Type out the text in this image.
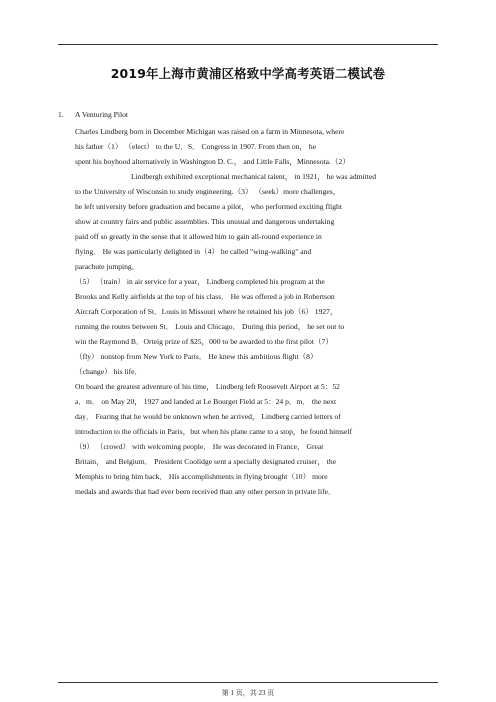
2019年上海市黄浦区格致中学高考英语二模试卷
1. A Venturing Pilot
Charles Lindberg born in December Michigan was raised on a farm in Minnesota, where
his father（1） （elect） to the U．S． Congress in 1907. From then on， he
spent his boyhood alternatively in Washington D. C.， and Little Falls，Minnesota.（2）
Lindbergh exhibited exceptional mechanical talent， in 1921， he was admitted
to the University of Wisconsin to study engineering.（3） （seek）more challenges，
he left university before graduation and became a pilot， who performed exciting flight
show at country fairs and public assemblies. This unusual and dangerous undertaking
paid off so greatly in the sense that it allowed him to gain all-round experience in
flying． He was particularly delighted in（4） he called "wing-walking" and
parachute jumping．
（5） （train） in air service for a year， Lindberg completed his program at the
Brooks and Kelly airfields at the top of his class． He was offered a job in Robertson
Aircraft Corporation of St．Louis in Missouri where he retained his job（6） 1927，
running the routes between St． Louis and Chicago． During this period， he set out to
win the Raymond B．Orteig prize of $25，000 to be awarded to the first pilot（7）
（fly） nonstop from New York to Paris． He knew this ambitious flight（8）
（change） his life．
On board the greatest adventure of his time， Lindberg left Roosevelt Airport at 5：52
a．m． on May 20， 1927 and landed at Le Bourget Field at 5：24 p．m． the next
day． Fearing that he would be unknown when he arrived， Lindberg carried letters of
introduction to the officials in Paris，but when his plane came to a stop，he found himself
（9） （crowd） with welcoming people． He was decorated in France， Great
Britain， and Belgium． President Coolidge sent a specially designated cruiser， the
Memphis to bring him back． His accomplishments in flying brought（10） more
medals and awards that had ever been received than any other person in private life．
第 1 页，共 23 页
